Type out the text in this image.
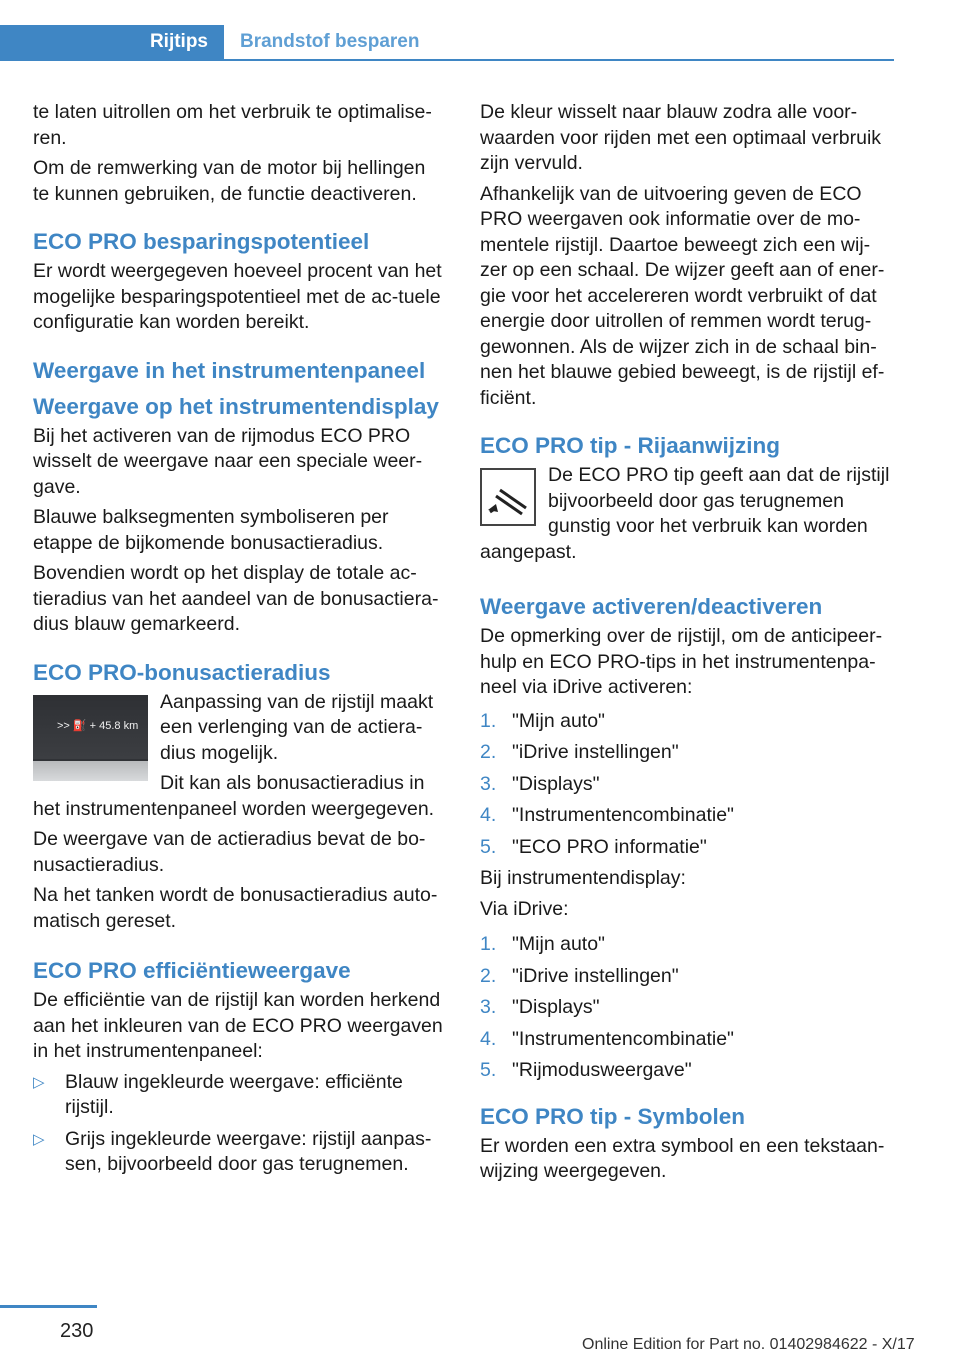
Rijtips	Brandstof besparen

te laten uitrollen om het verbruik te optimalise-ren.

Om de remwerking van de motor bij hellingen te kunnen gebruiken, de functie deactiveren.

ECO PRO besparingspotentieel

Er wordt weergegeven hoeveel procent van het mogelijke besparingspotentieel met de ac-tuele configuratie kan worden bereikt.

Weergave in het instrumentenpaneel
Weergave op het instrumentendisplay

Bij het activeren van de rijmodus ECO PRO wisselt de weergave naar een speciale weer-gave.

Blauwe balksegmenten symboliseren per etappe de bijkomende bonusactieradius.

Bovendien wordt op het display de totale ac-tieradius van het aandeel van de bonusactiera-dius blauw gemarkeerd.

ECO PRO-bonusactieradius
>> ⛽ + 45.8 km

Aanpassing van de rijstijl maakt een verlenging van de actiera-dius mogelijk.

Dit kan als bonusactieradius in het instrumentenpaneel worden weergegeven.

De weergave van de actieradius bevat de bo-nusactieradius.

Na het tanken wordt de bonusactieradius auto-matisch gereset.

ECO PRO efficiëntieweergave

De efficiëntie van de rijstijl kan worden herkend aan het inkleuren van de ECO PRO weergaven in het instrumentenpaneel:

▷ Blauw ingekleurde weergave: efficiënte rijstijl.
▷ Grijs ingekleurde weergave: rijstijl aanpas-sen, bijvoorbeeld door gas terugnemen.

De kleur wisselt naar blauw zodra alle voor-waarden voor rijden met een optimaal verbruik zijn vervuld.

Afhankelijk van de uitvoering geven de ECO PRO weergaven ook informatie over de mo-mentele rijstijl. Daartoe beweegt zich een wij-zer op een schaal. De wijzer geeft aan of ener-gie voor het accelereren wordt verbruikt of dat energie door uitrollen of remmen wordt terug-gewonnen. Als de wijzer zich in de schaal bin-nen het blauwe gebied beweegt, is de rijstijl ef-ficiënt.

ECO PRO tip - Rijaanwijzing

De ECO PRO tip geeft aan dat de rijstijl bijvoorbeeld door gas terugnemen gunstig voor het verbruik kan worden aangepast.

Weergave activeren/deactiveren

De opmerking over de rijstijl, om de anticipeer-hulp en ECO PRO-tips in het instrumentenpa-neel via iDrive activeren:

1. "Mijn auto"
2. "iDrive instellingen"
3. "Displays"
4. "Instrumentencombinatie"
5. "ECO PRO informatie"

Bij instrumentendisplay:

Via iDrive:

1. "Mijn auto"
2. "iDrive instellingen"
3. "Displays"
4. "Instrumentencombinatie"
5. "Rijmodusweergave"
ECO PRO tip - Symbolen

Er worden een extra symbool en een tekstaan-wijzing weergegeven.

230
Online Edition for Part no. 01402984622 - X/17
